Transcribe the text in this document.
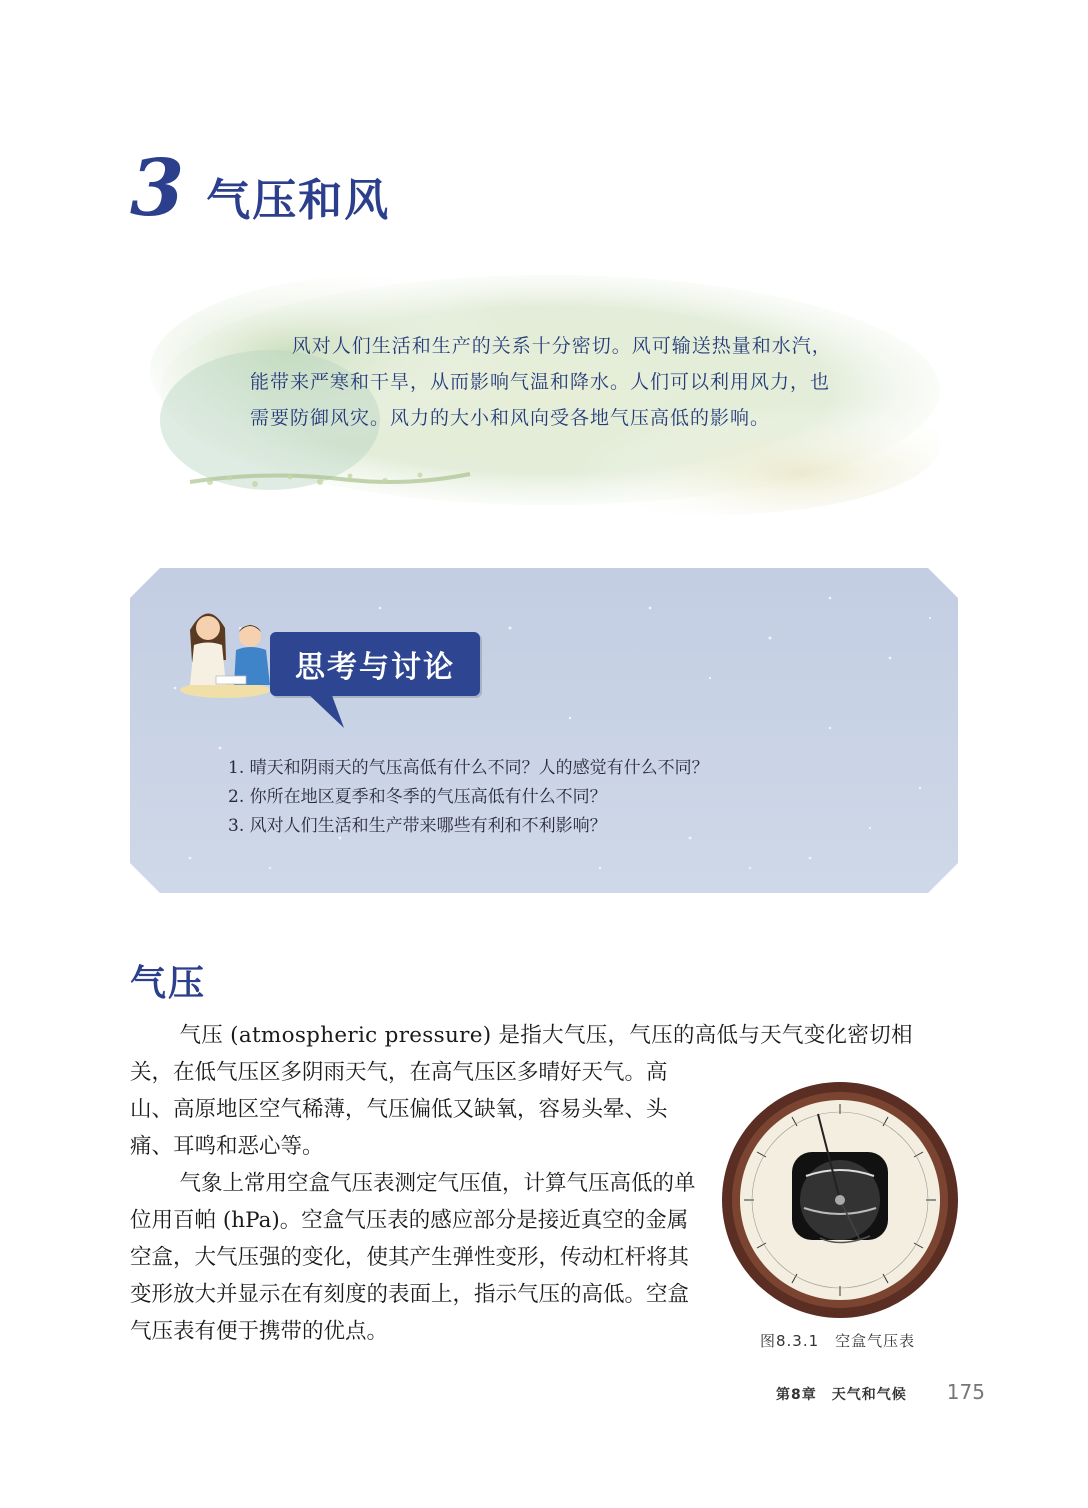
3 气压和风

风对人们生活和生产的关系十分密切。风可输送热量和水汽，能带来严寒和干旱，从而影响气温和降水。人们可以利用风力，也需要防御风灾。风力的大小和风向受各地气压高低的影响。

思考与讨论
1. 晴天和阴雨天的气压高低有什么不同？人的感觉有什么不同？
2. 你所在地区夏季和冬季的气压高低有什么不同？
3. 风对人们生活和生产带来哪些有利和不利影响？
气压

气压 (atmospheric pressure) 是指大气压，气压的高低与天气变化密切相

关，在低气压区多阴雨天气，在高气压区多晴好天气。高山、高原地区空气稀薄，气压偏低又缺氧，容易头晕、头痛、耳鸣和恶心等。

气象上常用空盒气压表测定气压值，计算气压高低的单位用百帕 (hPa)。空盒气压表的感应部分是接近真空的金属空盒，大气压强的变化，使其产生弹性变形，传动杠杆将其变形放大并显示在有刻度的表面上，指示气压的高低。空盒气压表有便于携带的优点。	图8.3.1　空盒气压表
第8章　天气和气候 175
